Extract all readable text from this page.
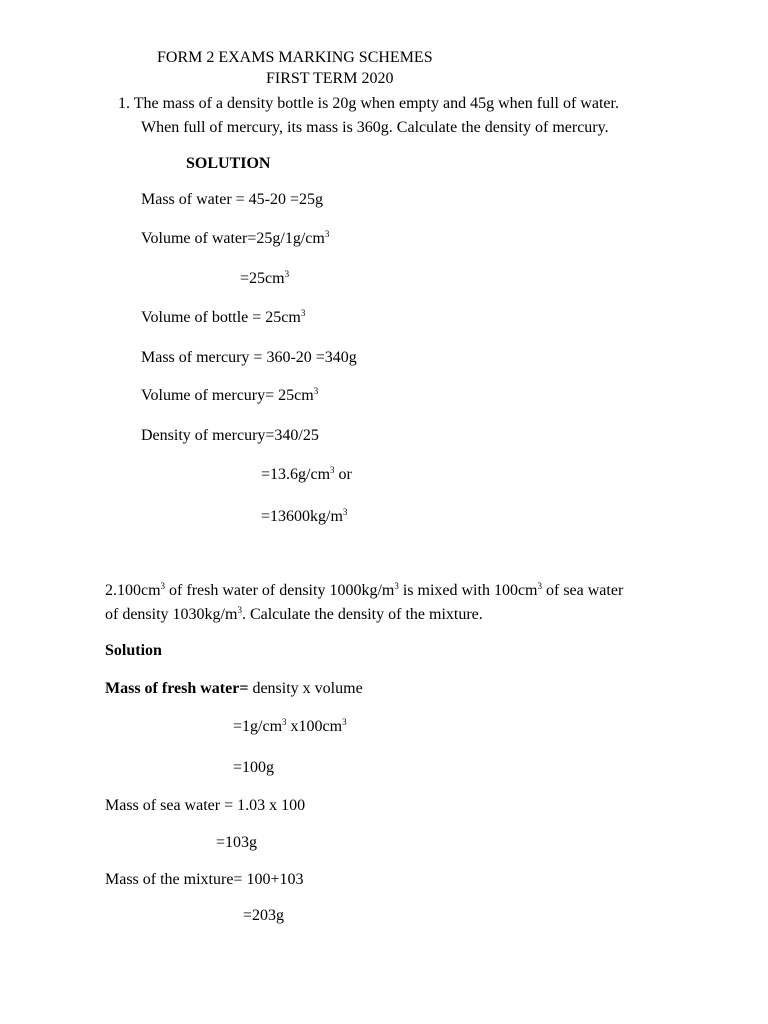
FORM 2 EXAMS MARKING SCHEMES
FIRST TERM 2020
1. The mass of a density bottle is 20g when empty and 45g when full of water.
When full of mercury, its mass is 360g. Calculate the density of mercury.
SOLUTION
Mass of water = 45-20 =25g
Volume of $water=25g/1g/cm^3$
$=25cm^3$
Volume of bottle = $25cm^3$
Mass of mercury = 360-20 =340g
Volume of mercury= $25cm^3$
Density of mercury=340/25
$=13.6g/cm^3$ or
$=13600kg/m^3$
$2.100cm^3$ of fresh water of density $1000kg/m^3$ is mixed with $100cm^3$ of sea water
of density $1030kg/m^3$. Calculate the density of the mixture.
Solution
Mass of fresh water= density x volume
$=1g/cm^3$ $x100cm^3$
=100g
Mass of sea water = 1.03 x 100
=103g
Mass of the mixture= 100+103
=203g
